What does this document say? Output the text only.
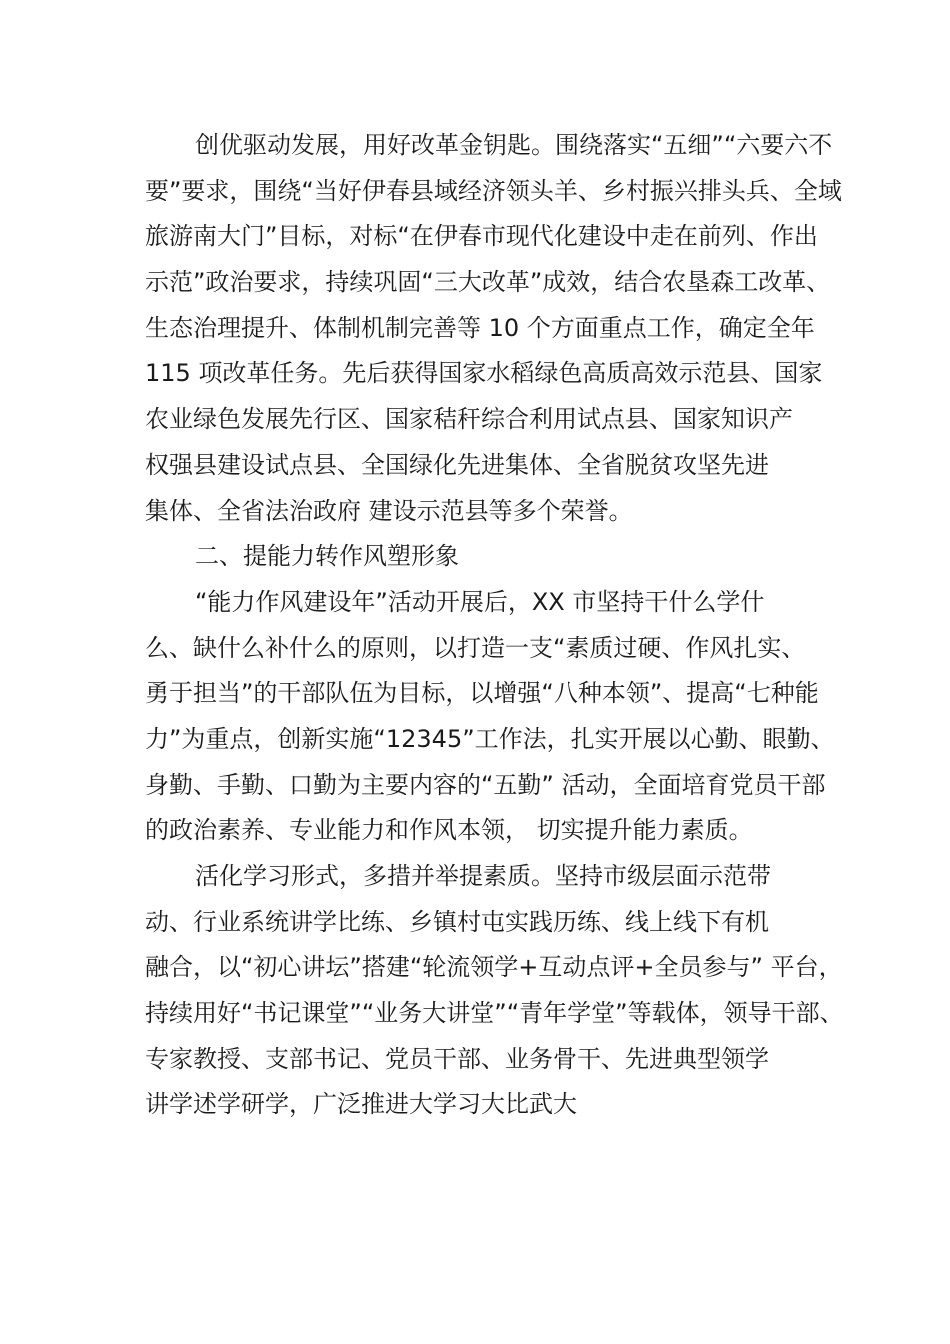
创优驱动发展，用好改革金钥匙。围绕落实“五细”“六要六不
要”要求，围绕“当好伊春县域经济领头羊、乡村振兴排头兵、全域
旅游南大门”目标，对标“在伊春市现代化建设中走在前列、作出
示范”政治要求，持续巩固“三大改革”成效，结合农垦森工改革、
生态治理提升、体制机制完善等 10 个方面重点工作，确定全年
115 项改革任务。先后获得国家水稻绿色高质高效示范县、国家
农业绿色发展先行区、国家秸秆综合利用试点县、国家知识产
权强县建设试点县、全国绿化先进集体、全省脱贫攻坚先进
集体、全省法治政府 建设示范县等多个荣誉。
二、提能力转作风塑形象
“能力作风建设年”活动开展后，XX 市坚持干什么学什
么、缺什么补什么的原则，以打造一支“素质过硬、作风扎实、
勇于担当”的干部队伍为目标，以增强“八种本领”、提高“七种能
力”为重点，创新实施“12345”工作法，扎实开展以心勤、眼勤、
身勤、手勤、口勤为主要内容的“五勤” 活动，全面培育党员干部
的政治素养、专业能力和作风本领， 切实提升能力素质。
活化学习形式，多措并举提素质。坚持市级层面示范带
动、行业系统讲学比练、乡镇村屯实践历练、线上线下有机
融合，以“初心讲坛”搭建“轮流领学+互动点评+全员参与” 平台，
持续用好“书记课堂”“业务大讲堂”“青年学堂”等载体，领导干部、
专家教授、支部书记、党员干部、业务骨干、先进典型领学
讲学述学研学，广泛推进大学习大比武大
